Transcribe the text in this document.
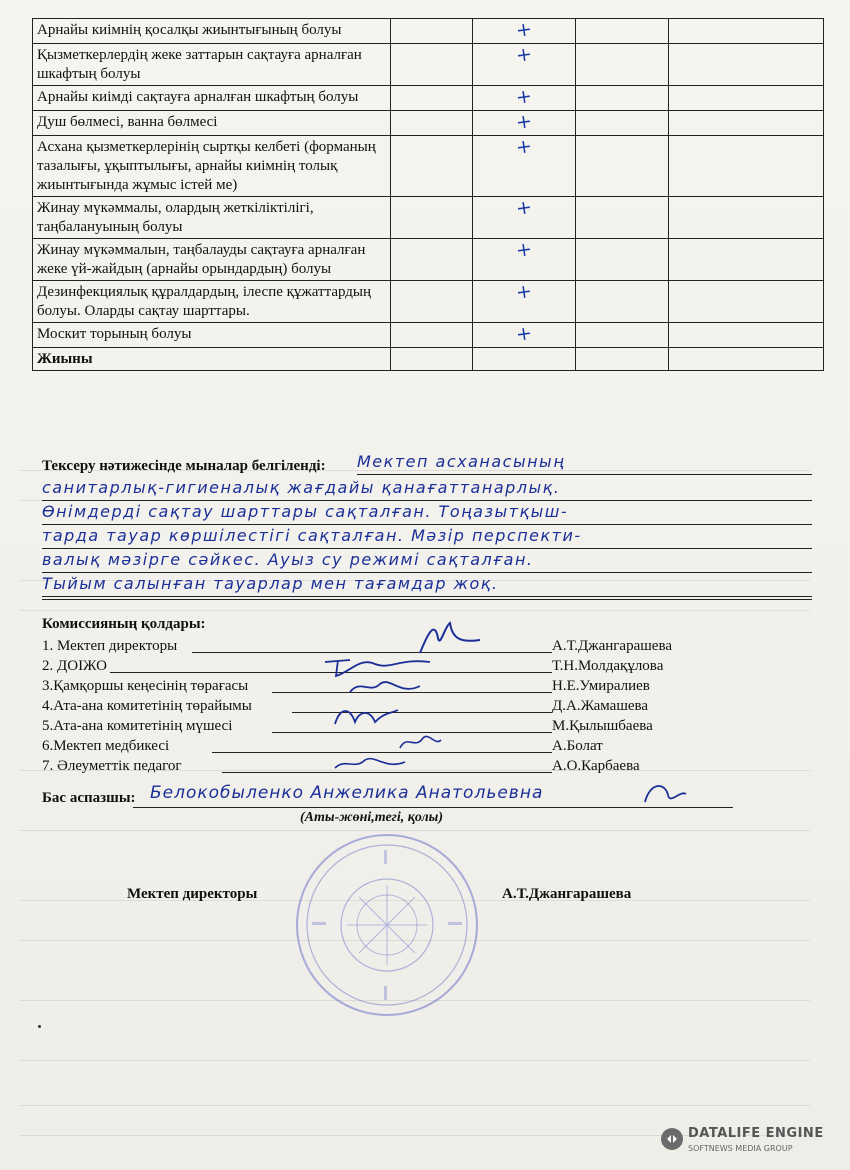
Арнайы киімнің қосалқы жиынтығының болуы		+		
Қызметкерлердің жеке заттарын сақтауға арналған шкафтың болуы		+		
Арнайы киімді сақтауға арналған шкафтың болуы		+		
Душ бөлмесі, ванна бөлмесі		+		
Асхана қызметкерлерінің сыртқы келбеті (форманың тазалығы, ұқыптылығы, арнайы киімнің толық жиынтығында жұмыс істей ме)		+		
Жинау мүкәммалы, олардың жеткіліктілігі, таңбалануының болуы		+		
Жинау мүкәммалын, таңбалауды сақтауға арналған жеке үй-жайдың (арнайы орындардың) болуы		+		
Дезинфекциялық құралдардың, ілеспе құжаттардың болуы. Оларды сақтау шарттары.		+		
Москит торының болуы		+		
Жиыны				
Тексеру нәтижесінде мыналар белгіленді: Мектеп асханасының
санитарлық-гигиеналық жағдайы қанағаттанарлық.
Өнімдерді сақтау шарттары сақталған. Тоңазытқыш-
тарда тауар көршілестігі сақталған. Мәзір перспекти-
валық мәзірге сәйкес. Ауыз су режимі сақталған.
Тыйым салынған тауарлар мен тағамдар жоқ.
Комиссияның қолдары:
1. Мектеп директоры	А.Т.Джангарашева
2. ДОІЖО	Т.Н.Молдақұлова
3.Қамқоршы кеңесінің төрағасы	Н.Е.Умиралиев
4.Ата-ана комитетінің төрайымы	Д.А.Жамашева
5.Ата-ана комитетінің мүшесі	М.Қылышбаева
6.Мектеп медбикесі	А.Болат
7. Әлеуметтік педагог	А.О.Карбаева
Бас аспазшы: Белокобыленко Анжелика Анатольевна
(Аты-жөні,тегі, қолы)
Мектеп директоры	А.Т.Джангарашева
DATALIFE ENGINE
SOFTNEWS MEDIA GROUP
